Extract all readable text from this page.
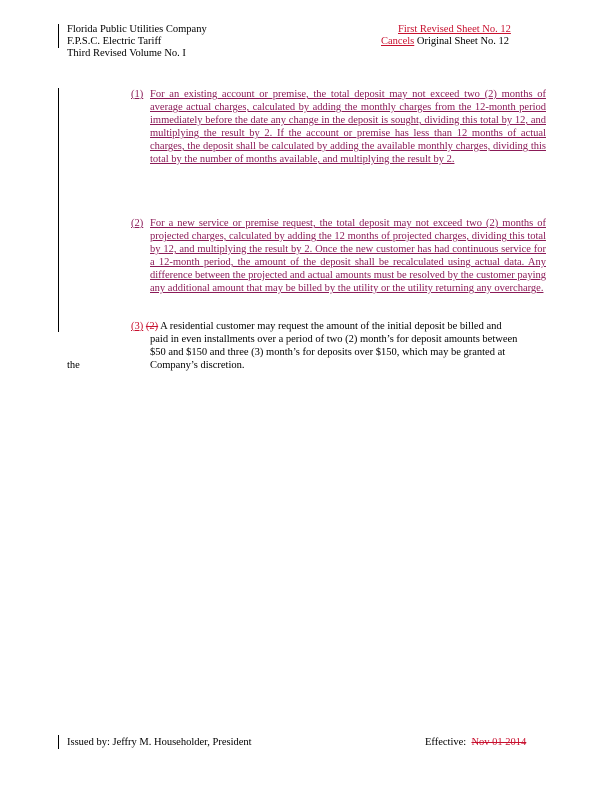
Florida Public Utilities Company
F.P.S.C. Electric Tariff
Third Revised Volume No. I
First Revised Sheet No. 12
Cancels Original Sheet No. 12
(1) For an existing account or premise, the total deposit may not exceed two (2) months of average actual charges, calculated by adding the monthly charges from the 12-month period immediately before the date any change in the deposit is sought, dividing this total by 12, and multiplying the result by 2. If the account or premise has less than 12 months of actual charges, the deposit shall be calculated by adding the available monthly charges, dividing this total by the number of months available, and multiplying the result by 2.
(2) For a new service or premise request, the total deposit may not exceed two (2) months of projected charges, calculated by adding the 12 months of projected charges, dividing this total by 12, and multiplying the result by 2. Once the new customer has had continuous service for a 12-month period, the amount of the deposit shall be recalculated using actual data. Any difference between the projected and actual amounts must be resolved by the customer paying any additional amount that may be billed by the utility or the utility returning any overcharge.
(3) (2) A residential customer may request the amount of the initial deposit be billed and
paid in even installments over a period of two (2) month’s for deposit amounts between
$50 and $150 and three (3) month’s for deposits over $150, which may be granted at
the	Company’s discretion.
Issued by: Jeffry M. Householder, President	Effective: Nov 01 2014
